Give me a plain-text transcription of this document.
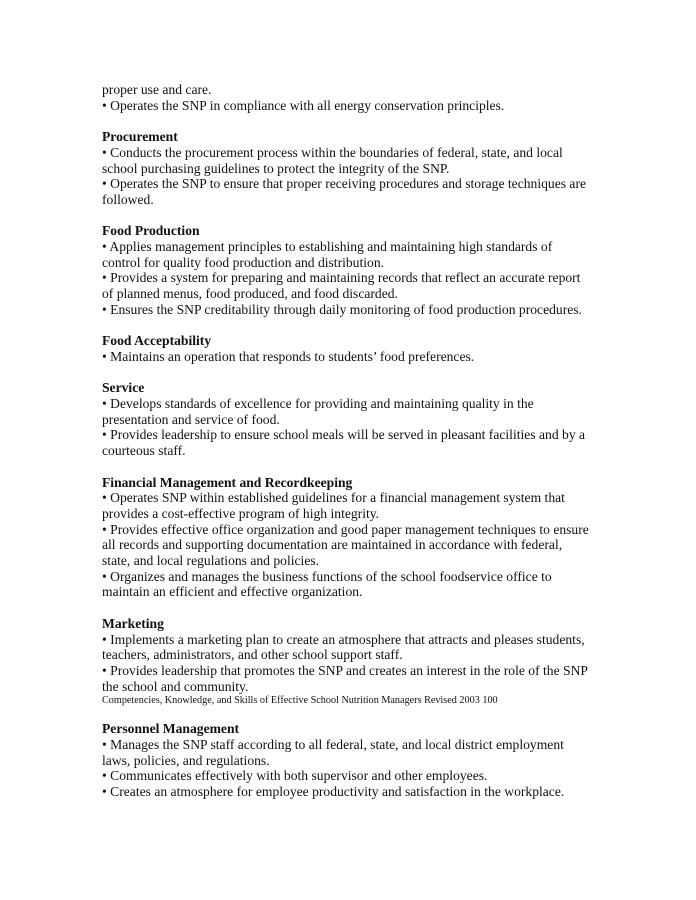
proper use and care.
• Operates the SNP in compliance with all energy conservation principles.
Procurement
• Conducts the procurement process within the boundaries of federal, state, and local
school purchasing guidelines to protect the integrity of the SNP.
• Operates the SNP to ensure that proper receiving procedures and storage techniques are
followed.
Food Production
• Applies management principles to establishing and maintaining high standards of
control for quality food production and distribution.
• Provides a system for preparing and maintaining records that reflect an accurate report
of planned menus, food produced, and food discarded.
• Ensures the SNP creditability through daily monitoring of food production procedures.
Food Acceptability
• Maintains an operation that responds to students’ food preferences.
Service
• Develops standards of excellence for providing and maintaining quality in the
presentation and service of food.
• Provides leadership to ensure school meals will be served in pleasant facilities and by a
courteous staff.
Financial Management and Recordkeeping
• Operates SNP within established guidelines for a financial management system that
provides a cost-effective program of high integrity.
• Provides effective office organization and good paper management techniques to ensure
all records and supporting documentation are maintained in accordance with federal,
state, and local regulations and policies.
• Organizes and manages the business functions of the school foodservice office to
maintain an efficient and effective organization.
Marketing
• Implements a marketing plan to create an atmosphere that attracts and pleases students,
teachers, administrators, and other school support staff.
• Provides leadership that promotes the SNP and creates an interest in the role of the SNP
the school and community.
Competencies, Knowledge, and Skills of Effective School Nutrition Managers Revised 2003 100
Personnel Management
• Manages the SNP staff according to all federal, state, and local district employment
laws, policies, and regulations.
• Communicates effectively with both supervisor and other employees.
• Creates an atmosphere for employee productivity and satisfaction in the workplace.
